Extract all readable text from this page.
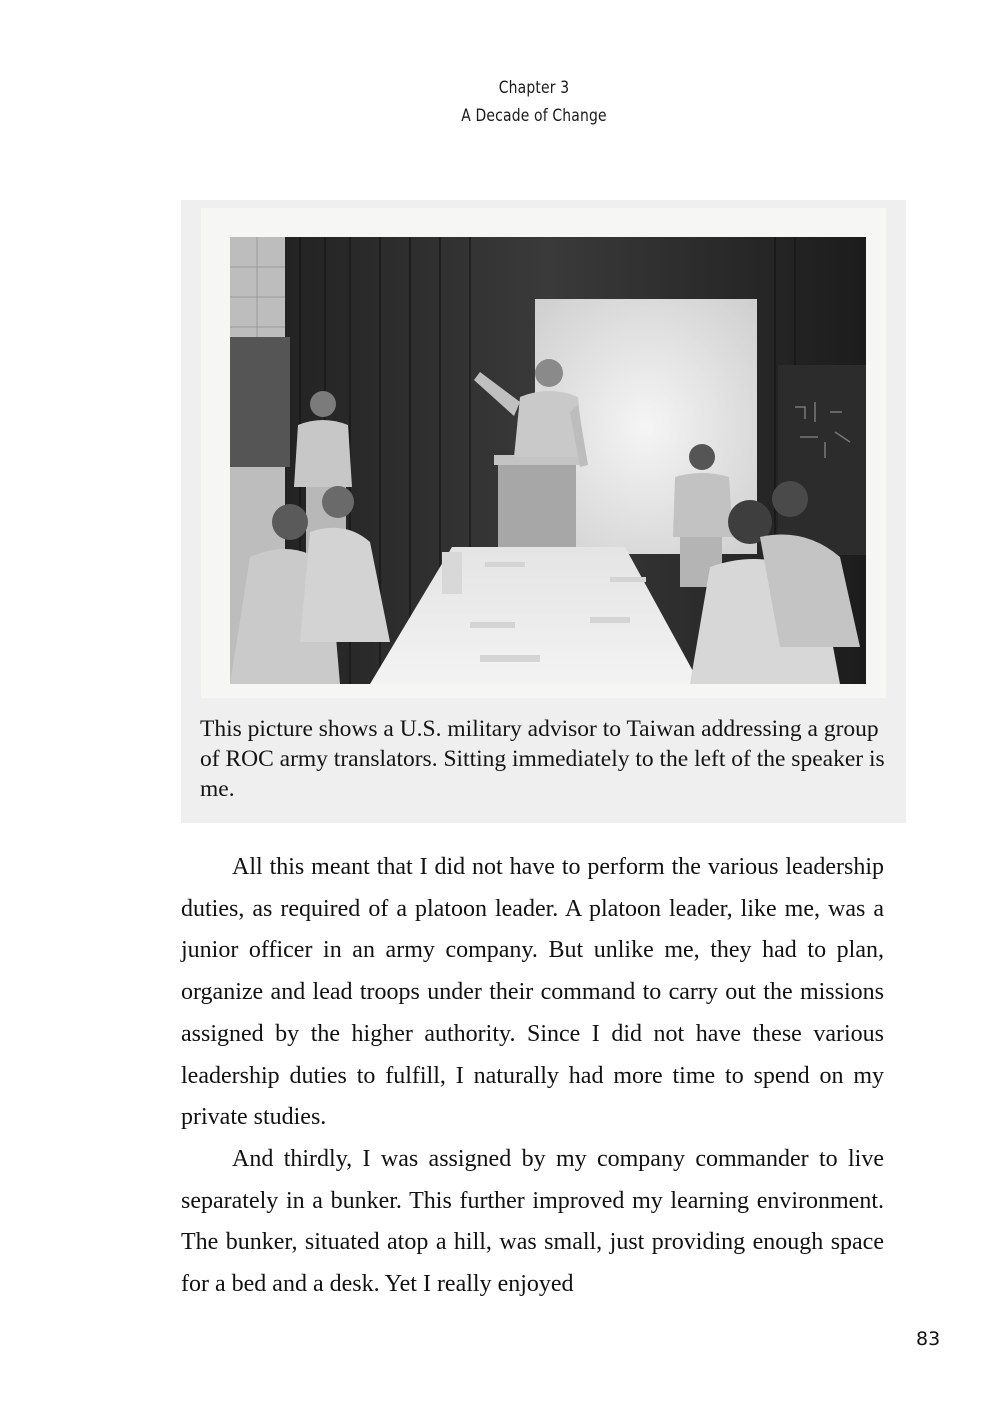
Chapter 3
A Decade of Change
This picture shows a U.S. military advisor to Taiwan addressing a group of ROC army translators. Sitting immediately to the left of the speaker is me.

All this meant that I did not have to perform the various leadership duties, as required of a platoon leader. A platoon leader, like me, was a junior officer in an army company. But unlike me, they had to plan, organize and lead troops under their command to carry out the missions assigned by the higher authority. Since I did not have these various leadership duties to fulfill, I naturally had more time to spend on my private studies.

And thirdly, I was assigned by my company commander to live separately in a bunker. This further improved my learning environment. The bunker, situated atop a hill, was small, just providing enough space for a bed and a desk. Yet I really enjoyed

83
